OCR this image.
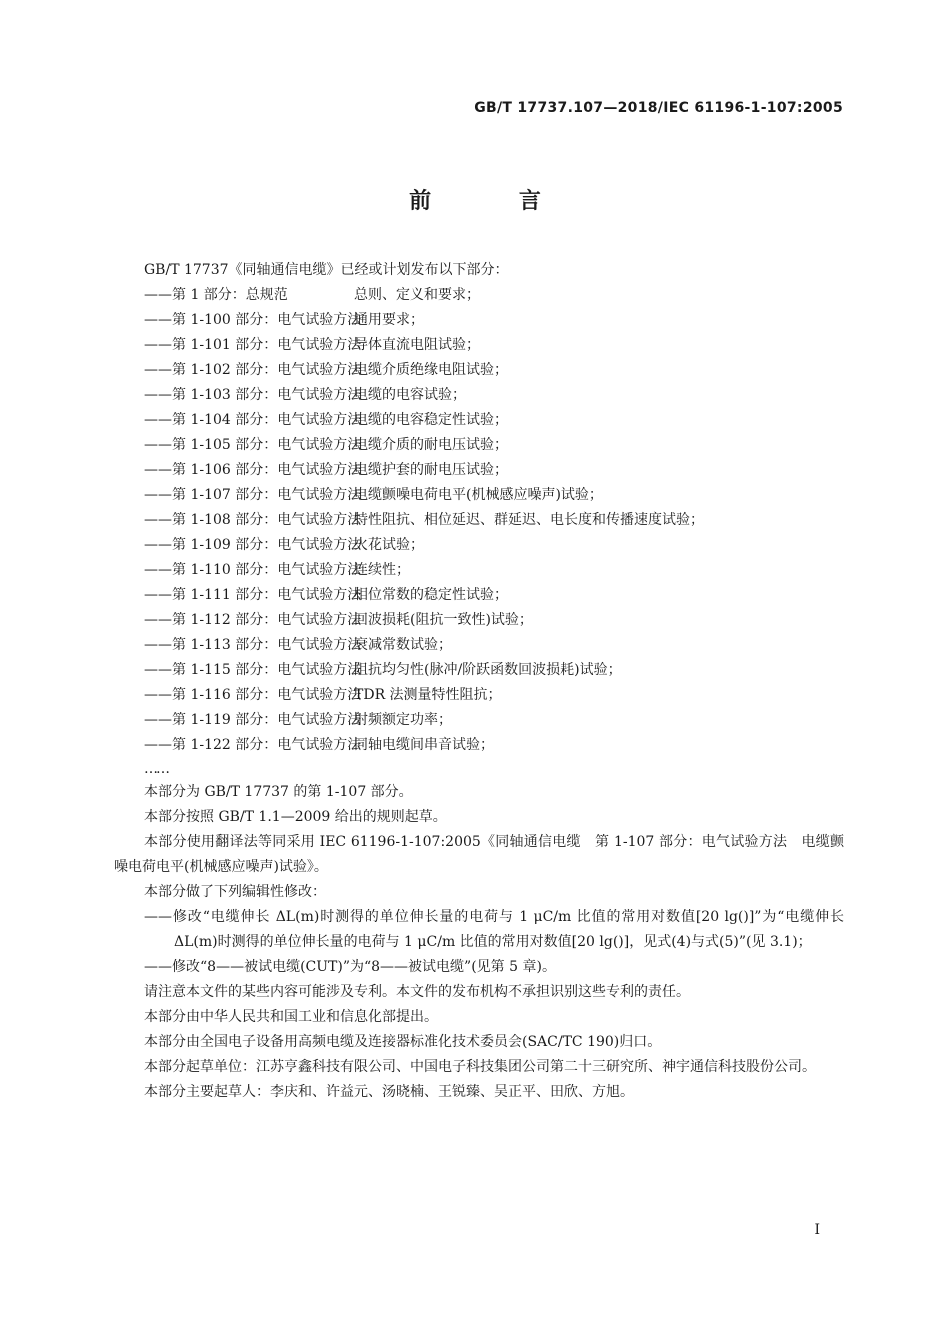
GB/T 17737.107—2018/IEC 61196-1-107:2005
前 言

GB/T 17737《同轴通信电缆》已经或计划发布以下部分：

——第 1 部分：总规范	总则、定义和要求；

——第 1-100 部分：电气试验方法通用要求；

——第 1-101 部分：电气试验方法导体直流电阻试验；

——第 1-102 部分：电气试验方法电缆介质绝缘电阻试验；

——第 1-103 部分：电气试验方法电缆的电容试验；

——第 1-104 部分：电气试验方法电缆的电容稳定性试验；

——第 1-105 部分：电气试验方法电缆介质的耐电压试验；

——第 1-106 部分：电气试验方法电缆护套的耐电压试验；

——第 1-107 部分：电气试验方法电缆颤噪电荷电平(机械感应噪声)试验；

——第 1-108 部分：电气试验方法特性阻抗、相位延迟、群延迟、电长度和传播速度试验；

——第 1-109 部分：电气试验方法火花试验；

——第 1-110 部分：电气试验方法连续性；

——第 1-111 部分：电气试验方法相位常数的稳定性试验；

——第 1-112 部分：电气试验方法回波损耗(阻抗一致性)试验；

——第 1-113 部分：电气试验方法衰减常数试验；

——第 1-115 部分：电气试验方法阻抗均匀性(脉冲/阶跃函数回波损耗)试验；

——第 1-116 部分：电气试验方法TDR 法测量特性阻抗；

——第 1-119 部分：电气试验方法射频额定功率；

——第 1-122 部分：电气试验方法同轴电缆间串音试验；

……

本部分为 GB/T 17737 的第 1-107 部分。

本部分按照 GB/T 1.1—2009 给出的规则起草。

本部分使用翻译法等同采用 IEC 61196-1-107:2005《同轴通信电缆　第 1-107 部分：电气试验方法　电缆颤噪电荷电平(机械感应噪声)试验》。

本部分做了下列编辑性修改：

——修改“电缆伸长 ΔL(m)时测得的单位伸长量的电荷与 1 μC/m 比值的常用对数值[20 lg()]”为“电缆伸长 ΔL(m)时测得的单位伸长量的电荷与 1 μC/m 比值的常用对数值[20 lg()]，见式(4)与式(5)”(见 3.1)；

——修改“8——被试电缆(CUT)”为“8——被试电缆”(见第 5 章)。

请注意本文件的某些内容可能涉及专利。本文件的发布机构不承担识别这些专利的责任。

本部分由中华人民共和国工业和信息化部提出。

本部分由全国电子设备用高频电缆及连接器标准化技术委员会(SAC/TC 190)归口。

本部分起草单位：江苏亨鑫科技有限公司、中国电子科技集团公司第二十三研究所、神宇通信科技股份公司。

本部分主要起草人：李庆和、许益元、汤晓楠、王锐臻、吴正平、田欣、方旭。

I
